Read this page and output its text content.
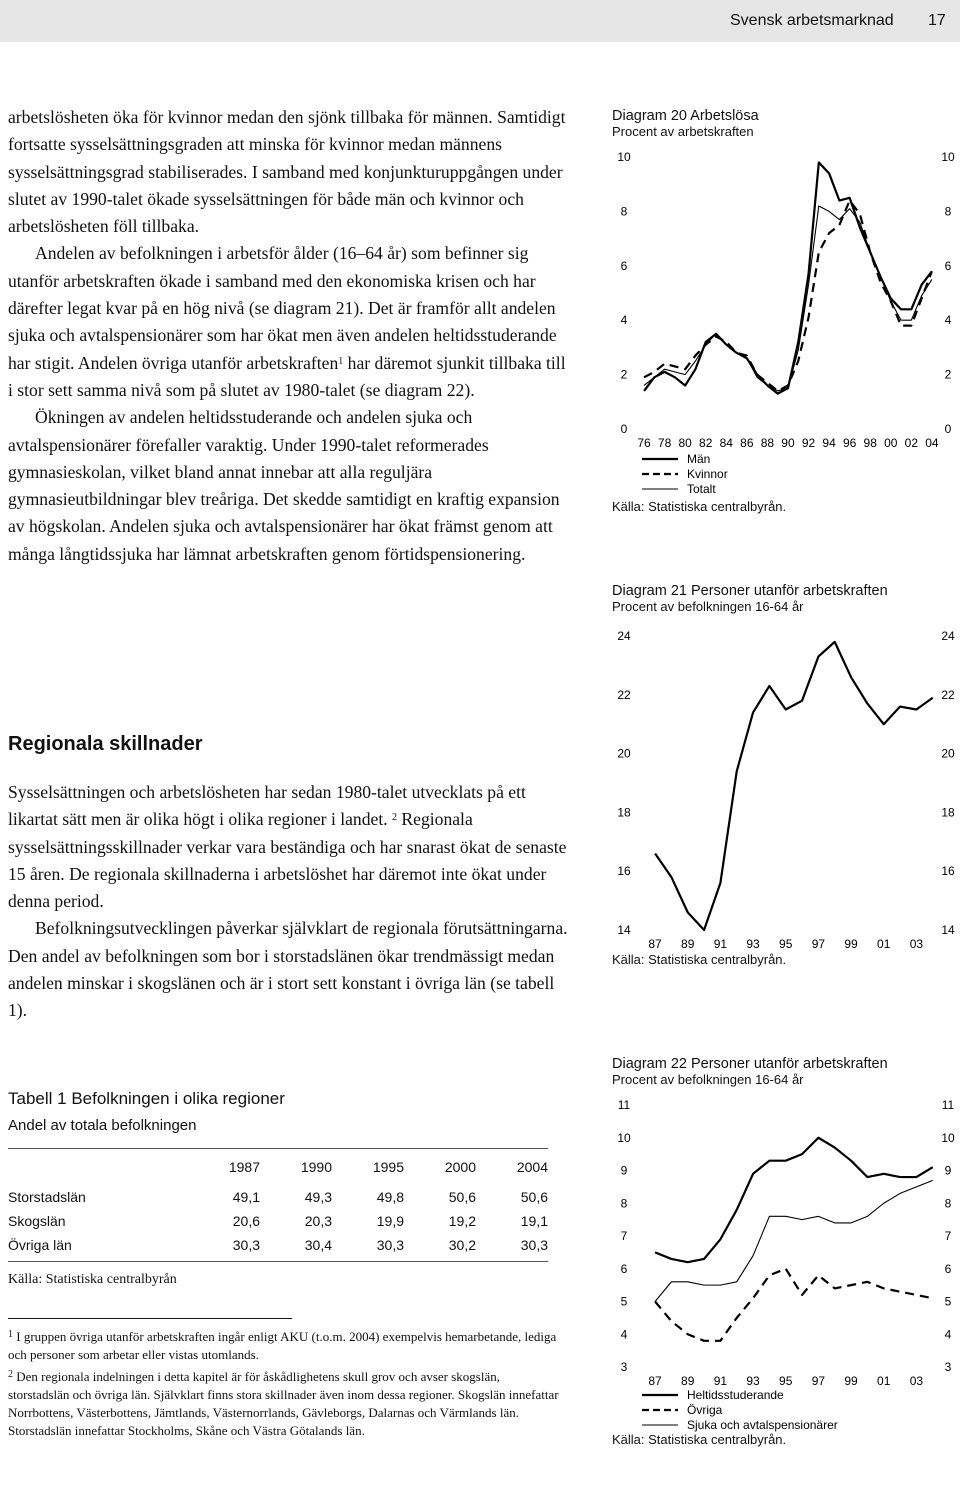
Svensk arbetsmarknad 17

arbetslösheten öka för kvinnor medan den sjönk tillbaka för männen. Samtidigt fortsatte sysselsättningsgraden att minska för kvinnor medan männens sysselsättningsgrad stabiliserades. I samband med konjunkturuppgången under slutet av 1990-talet ökade sysselsättningen för både män och kvinnor och arbetslösheten föll tillbaka.

Andelen av befolkningen i arbetsför ålder (16–64 år) som befinner sig utanför arbetskraften ökade i samband med den ekonomiska krisen och har därefter legat kvar på en hög nivå (se diagram 21). Det är framför allt andelen sjuka och avtalspensionärer som har ökat men även andelen heltidsstuderande har stigit. Andelen övriga utanför arbetskraften$^1$ har däremot sjunkit tillbaka till i stor sett samma nivå som på slutet av 1980-talet (se diagram 22).

Ökningen av andelen heltidsstuderande och andelen sjuka och avtalspensionärer förefaller varaktig. Under 1990-talet reformerades gymnasieskolan, vilket bland annat innebar att alla reguljära gymnasieutbildningar blev treåriga. Det skedde samtidigt en kraftig expansion av högskolan. Andelen sjuka och avtalspensionärer har ökat främst genom att många långtidssjuka har lämnat arbetskraften genom förtidspensionering.

Regionala skillnader

Sysselsättningen och arbetslösheten har sedan 1980-talet utvecklats på ett likartat sätt men är olika högt i olika regioner i landet. $^2$ Regionala sysselsättningsskillnader verkar vara beständiga och har snarast ökat de senaste 15 åren. De regionala skillnaderna i arbetslöshet har däremot inte ökat under denna period.

Befolkningsutvecklingen påverkar självklart de regionala förutsättningarna. Den andel av befolkningen som bor i storstadslänen ökar trendmässigt medan andelen minskar i skogslänen och är i stort sett konstant i övriga län (se tabell 1).

Tabell 1 Befolkningen i olika regioner
Andel av totala befolkningen
	1987	1990	1995	2000	2004

Storstadslän	49,1	49,3	49,8	50,6	50,6
Skogslän	20,6	20,3	19,9	19,2	19,1
Övriga län	30,3	30,4	30,3	30,2	30,3
Källa: Statistiska centralbyrån

$^1$ I gruppen övriga utanför arbetskraften ingår enligt AKU (t.o.m. 2004) exempelvis hemarbetande, lediga och personer som arbetar eller vistas utomlands.

$^2$ Den regionala indelningen i detta kapitel är för åskådlighetens skull grov och avser skogslän, storstadslän och övriga län. Självklart finns stora skillnader även inom dessa regioner. Skogslän innefattar Norrbottens, Västerbottens, Jämtlands, Västernorrlands, Gävleborgs, Dalarnas och Värmlands län. Storstadslän innefattar Stockholms, Skåne och Västra Götalands län.

Diagram 20 Arbetslösa
Procent av arbetskraften
0	0
2	2
4	4
6	6
8	8
10	10
76 78 80 82 84 86 88 90 92 94 96 98 00 02 04
Män
Kvinnor
Totalt
Källa: Statistiska centralbyrån.
Diagram 21 Personer utanför arbetskraften
Procent av befolkningen 16-64 år
14	14
16	16
18	18
20	20
22	22
24	24
87 89 91 93 95 97 99 01 03
Källa: Statistiska centralbyrån.
Diagram 22 Personer utanför arbetskraften
Procent av befolkningen 16-64 år
3	3
4	4
5	5
6	6
7	7
8	8
9	9
10	10
11	11
87 89 91 93 95 97 99 01 03
Heltidsstuderande
Övriga
Sjuka och avtalspensionärer
Källa: Statistiska centralbyrån.
